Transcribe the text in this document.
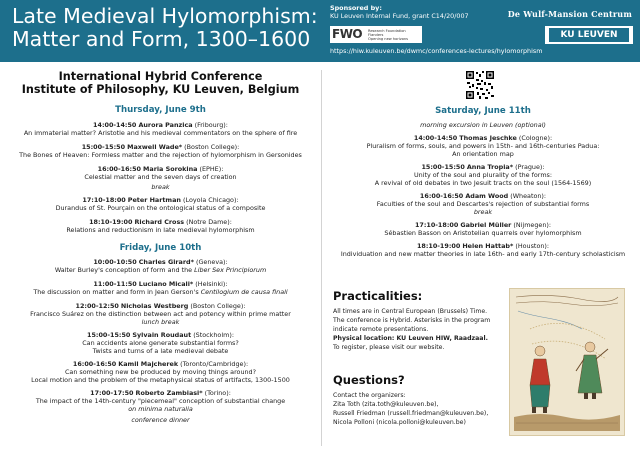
Late Medieval Hylomorphism:
Matter and Form, 1300–1600
Sponsored by:
KU Leuven Internal Fund, grant C14/20/007
FWO Research Foundation
Flanders
Opening new horizons
https://hiw.kuleuven.be/dwmc/conferences-lectures/hylomorphism
De Wulf-Mansion Centrum
KU LEUVEN
International Hybrid Conference
Institute of Philosophy, KU Leuven, Belgium
Thursday, June 9th
14:00-14:50 Aurora Panzica (Fribourg):
An immaterial matter? Aristotle and his medieval commentators on the sphere of fire
15:00-15:50 Maxwell Wade* (Boston College):
The Bones of Heaven: Formless matter and the rejection of hylomorphism in Gersonides
16:00-16:50 Maria Sorokina (EPHE):
Celestial matter and the seven days of creation
break
17:10-18:00 Peter Hartman (Loyola Chicago):
Durandus of St. Pourçain on the ontological status of a composite
18:10-19:00 Richard Cross (Notre Dame):
Relations and reductionism in late medieval hylomorphism
Friday, June 10th
10:00-10:50 Charles Girard* (Geneva):
Walter Burley's conception of form and the Liber Sex Principiorum
11:00-11:50 Luciano Micali* (Helsinki):
The discussion on matter and form in Jean Gerson's Centilogium de causa finali
12:00-12:50 Nicholas Westberg (Boston College):
Francisco Suárez on the distinction between act and potency within prime matter
lunch break
15:00-15:50 Sylvain Roudaut (Stockholm):
Can accidents alone generate substantial forms?
Twists and turns of a late medieval debate
16:00-16:50 Kamil Majcherek (Toronto/Cambridge):
Can something new be produced by moving things around?
Local motion and the problem of the metaphysical status of artifacts, 1300-1500
17:00-17:50 Roberto Zambiasi* (Torino):
The impact of the 14th-century "piecemeal" conception of substantial change
on minima naturalia
conference dinner
Saturday, June 11th
morning excursion in Leuven (optional)
14:00-14:50 Thomas Jeschke (Cologne):
Pluralism of forms, souls, and powers in 15th- and 16th-centuries Padua:
An orientation map
15:00-15:50 Anna Tropia* (Prague):
Unity of the soul and plurality of the forms:
A revival of old debates in two Jesuit tracts on the soul (1564-1569)
16:00-16:50 Adam Wood (Wheaton):
Faculties of the soul and Descartes's rejection of substantial forms
break
17:10-18:00 Gabriel Müller (Nijmegen):
Sébastien Basson on Aristotelian quarrels over hylomorphism
18:10-19:00 Helen Hattab* (Houston):
Individuation and new matter theories in late 16th- and early 17th-century scholasticism
Practicalities:
All times are in Central European (Brussels) Time.
The conference is Hybrid. Asterisks in the program
indicate remote presentations.
Physical location: KU Leuven HIW, Raadzaal.
To register, please visit our website.
Questions?
Contact the organizers:
Zita Toth (zita.toth@kuleuven.be),
Russell Friedman (russell.friedman@kuleuven.be),
Nicola Polloni (nicola.polloni@kuleuven.be)
